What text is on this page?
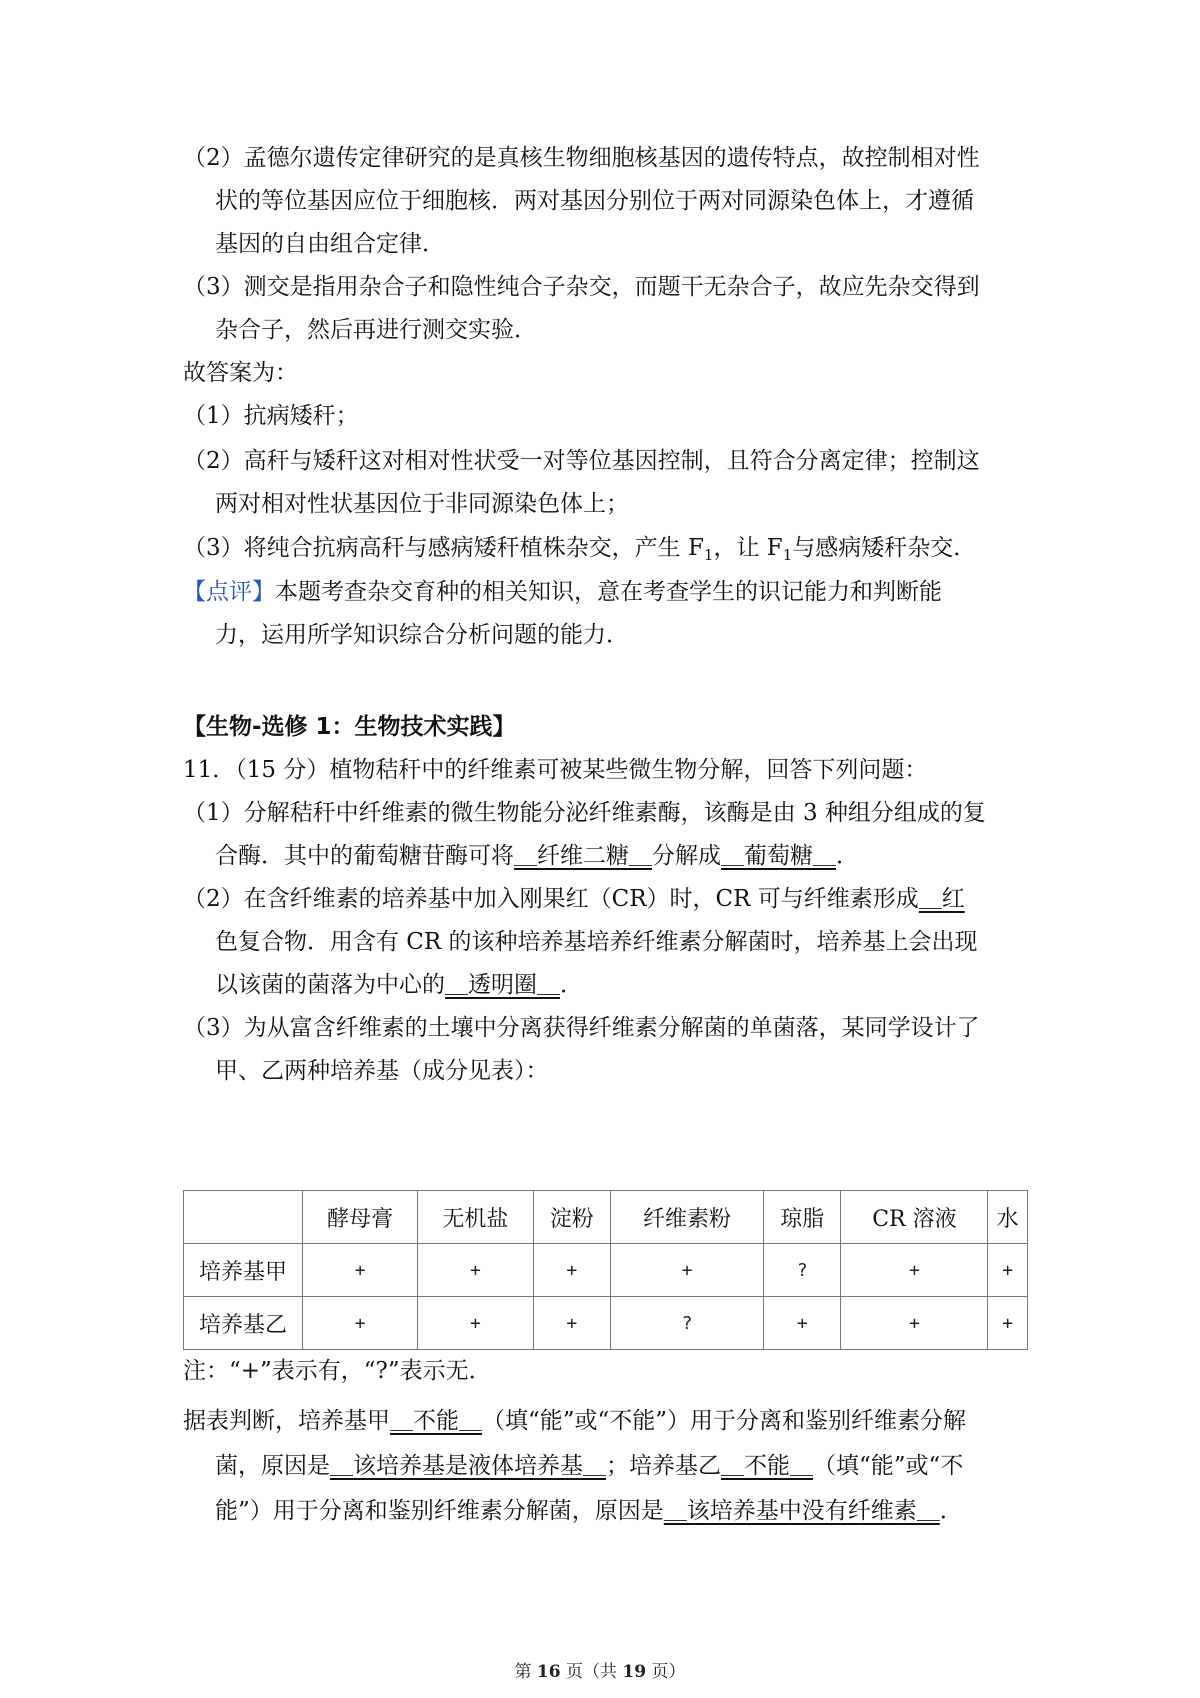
（2）孟德尔遗传定律研究的是真核生物细胞核基因的遗传特点，故控制相对性
状的等位基因应位于细胞核．两对基因分别位于两对同源染色体上，才遵循
基因的自由组合定律．
（3）测交是指用杂合子和隐性纯合子杂交，而题干无杂合子，故应先杂交得到
杂合子，然后再进行测交实验．
故答案为：
（1）抗病矮秆；
（2）高秆与矮秆这对相对性状受一对等位基因控制，且符合分离定律；控制这
两对相对性状基因位于非同源染色体上；
（3）将纯合抗病高秆与感病矮秆植株杂交，产生 $F_1$，让 $F_1$与感病矮秆杂交．
【点评】本题考查杂交育种的相关知识，意在考查学生的识记能力和判断能
力，运用所学知识综合分析问题的能力．
【生物-选修 1：生物技术实践】
11．（15 分）植物秸秆中的纤维素可被某些微生物分解，回答下列问题：
（1）分解秸秆中纤维素的微生物能分泌纤维素酶，该酶是由 3 种组分组成的复
合酶．其中的葡萄糖苷酶可将＿纤维二糖＿分解成＿葡萄糖＿．
（2）在含纤维素的培养基中加入刚果红（CR）时，CR 可与纤维素形成＿红
色复合物．用含有 CR 的该种培养基培养纤维素分解菌时，培养基上会出现
以该菌的菌落为中心的＿透明圈＿．
（3）为从富含纤维素的土壤中分离获得纤维素分解菌的单菌落，某同学设计了
甲、乙两种培养基（成分见表）：
	酵母膏	无机盐	淀粉	纤维素粉	琼脂	CR 溶液	水
培养基甲	+	+	+	+	?	+	+
培养基乙	+	+	+	?	+	+	+
注：“+”表示有，“?”表示无．
据表判断，培养基甲＿不能＿（填“能”或“不能”）用于分离和鉴别纤维素分解
菌，原因是＿该培养基是液体培养基＿；培养基乙＿不能＿（填“能”或“不
能”）用于分离和鉴别纤维素分解菌，原因是＿该培养基中没有纤维素＿．
第 16 页（共 19 页）
